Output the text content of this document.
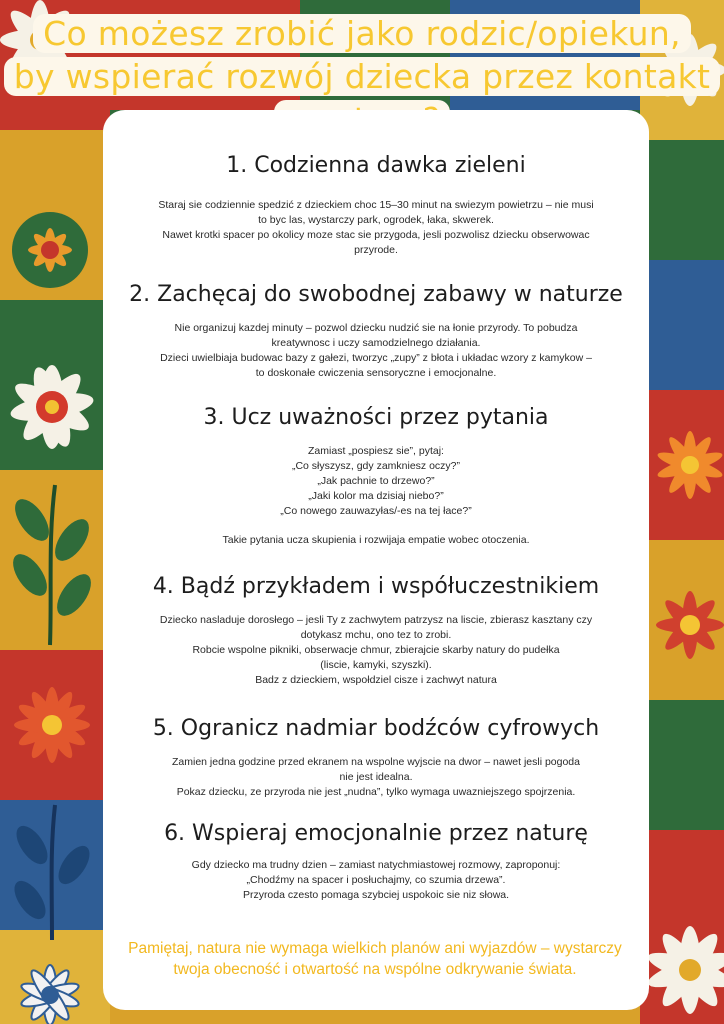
Co możesz zrobić jako rodzic/opiekun,
by wspierać rozwój dziecka przez kontakt

1. Codzienna dawka zieleni

Staraj sie codziennie spedzić z dzieckiem choc 15–30 minut na swiezym powietrzu – nie musi

to byc las, wystarczy park, ogrodek, łaka, skwerek.

Nawet krotki spacer po okolicy moze stac sie przygoda, jesli pozwolisz dziecku obserwowac

przyrode.

2. Zachęcaj do swobodnej zabawy w naturze

Nie organizuj kazdej minuty – pozwol dziecku nudzić sie na łonie przyrody. To pobudza

kreatywnosc i uczy samodzielnego działania.

Dzieci uwielbiaja budowac bazy z gałezi, tworzyc „zupy” z błota i układac wzory z kamykow –

to doskonałe cwiczenia sensoryczne i emocjonalne.

3. Ucz uważności przez pytania

Zamiast „pospiesz sie”, pytaj:

„Co słyszysz, gdy zamkniesz oczy?”

„Jak pachnie to drzewo?”

„Jaki kolor ma dzisiaj niebo?”

„Co nowego zauwazyłas/-es na tej łace?”

Takie pytania ucza skupienia i rozwijaja empatie wobec otoczenia.

4. Bądź przykładem i współuczestnikiem

Dziecko nasladuje dorosłego – jesli Ty z zachwytem patrzysz na liscie, zbierasz kasztany czy

dotykasz mchu, ono tez to zrobi.

Robcie wspolne pikniki, obserwacje chmur, zbierajcie skarby natury do pudełka

(liscie, kamyki, szyszki).

Badz z dzieckiem, wspołdziel cisze i zachwyt natura

5. Ogranicz nadmiar bodźców cyfrowych

Zamien jedna godzine przed ekranem na wspolne wyjscie na dwor – nawet jesli pogoda

nie jest idealna.

Pokaz dziecku, ze przyroda nie jest „nudna”, tylko wymaga uwazniejszego spojrzenia.

6. Wspieraj emocjonalnie przez naturę

Gdy dziecko ma trudny dzien – zamiast natychmiastowej rozmowy, zaproponuj:

„Chodźmy na spacer i posłuchajmy, co szumia drzewa”.

Przyroda czesto pomaga szybciej uspokoic sie niz słowa.

Pamiętaj, natura nie wymaga wielkich planów ani wyjazdów – wystarczy
twoja obecność i otwartość na wspólne odkrywanie świata.
